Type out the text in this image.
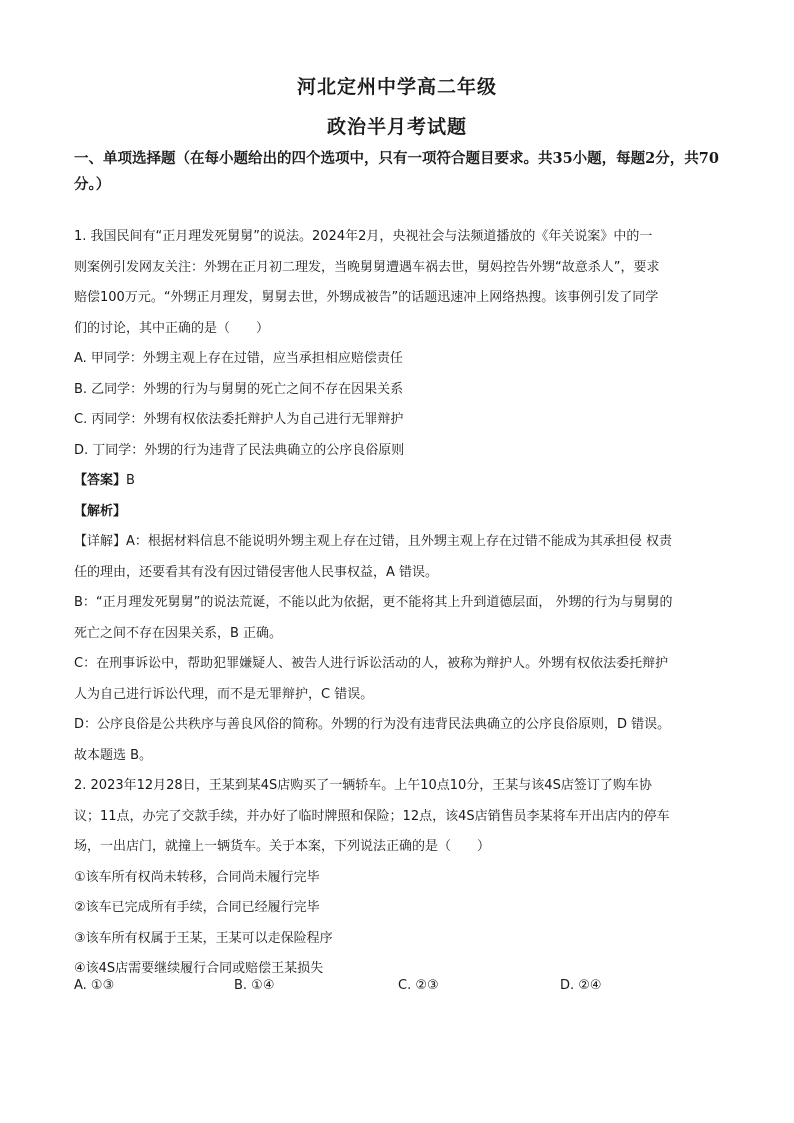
河北定州中学高二年级
政治半月考试题
一、单项选择题（在每小题给出的四个选项中，只有一项符合题目要求。共35小题，每题2分，共70分。）
1. 我国民间有“正月理发死舅舅”的说法。2024年2月，央视社会与法频道播放的《年关说案》中的一
则案例引发网友关注：外甥在正月初二理发，当晚舅舅遭遇车祸去世，舅妈控告外甥“故意杀人”，要求
赔偿100万元。“外甥正月理发，舅舅去世，外甥成被告”的话题迅速冲上网络热搜。该事例引发了同学
们的讨论，其中正确的是（　　）
A. 甲同学：外甥主观上存在过错，应当承担相应赔偿责任
B. 乙同学：外甥的行为与舅舅的死亡之间不存在因果关系
C. 丙同学：外甥有权依法委托辩护人为自己进行无罪辩护
D. 丁同学：外甥的行为违背了民法典确立的公序良俗原则
【答案】B
【解析】
【详解】A：根据材料信息不能说明外甥主观上存在过错，且外甥主观上存在过错不能成为其承担侵 权责
任的理由，还要看其有没有因过错侵害他人民事权益，A 错误。
B：“正月理发死舅舅”的说法荒诞，不能以此为依据，更不能将其上升到道德层面， 外甥的行为与舅舅的
死亡之间不存在因果关系，B 正确。
C：在刑事诉讼中，帮助犯罪嫌疑人、被告人进行诉讼活动的人，被称为辩护人。外甥有权依法委托辩护
人为自己进行诉讼代理，而不是无罪辩护，C 错误。
D：公序良俗是公共秩序与善良风俗的简称。外甥的行为没有违背民法典确立的公序良俗原则，D 错误。
故本题选 B。
2. 2023年12月28日，王某到某4S店购买了一辆轿车。上午10点10分，王某与该4S店签订了购车协
议；11点，办完了交款手续，并办好了临时牌照和保险；12点，该4S店销售员李某将车开出店内的停车
场，一出店门，就撞上一辆货车。关于本案，下列说法正确的是（　　）
①该车所有权尚未转移，合同尚未履行完毕
②该车已完成所有手续，合同已经履行完毕
③该车所有权属于王某，王某可以走保险程序
④该4S店需要继续履行合同或赔偿王某损失
A. ①③	B. ①④	C. ②③	D. ②④
